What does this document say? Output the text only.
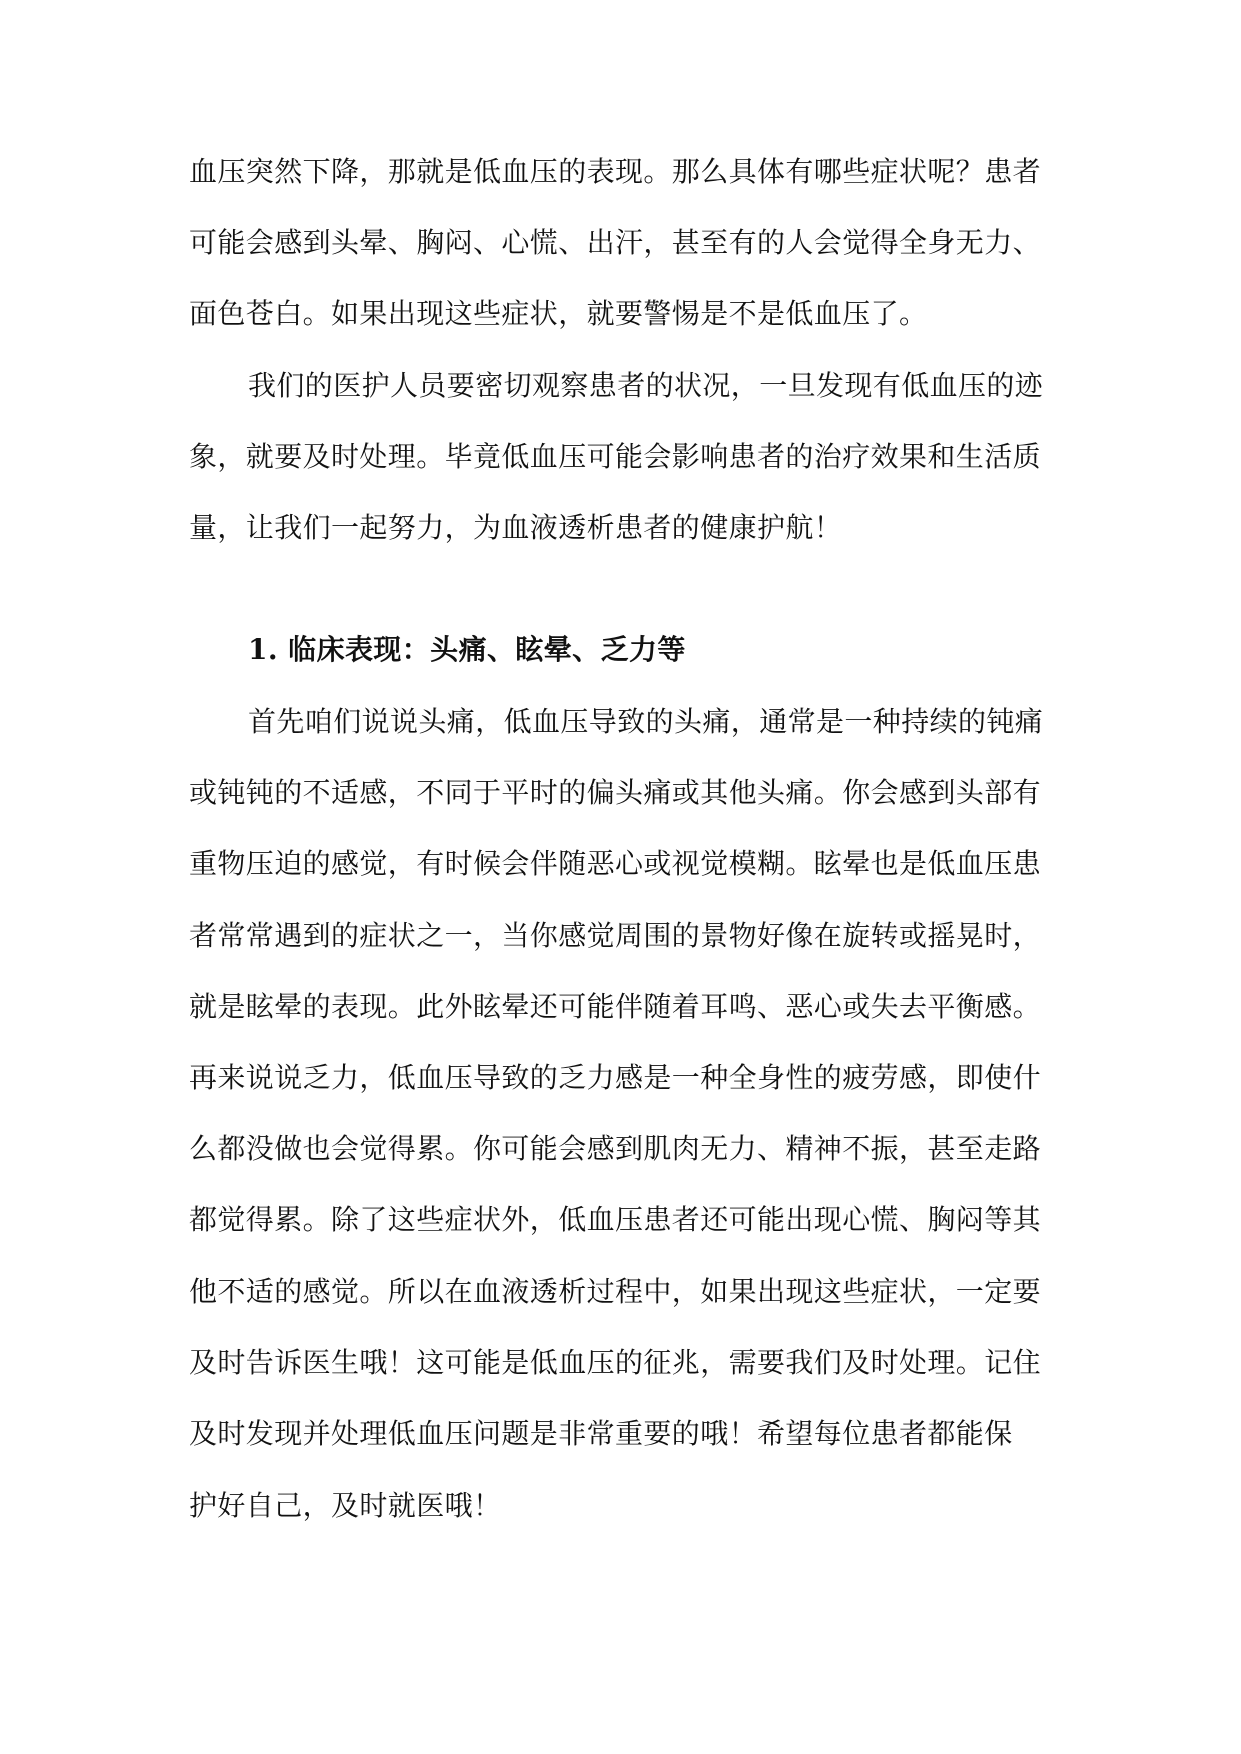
血压突然下降，那就是低血压的表现。那么具体有哪些症状呢？患者
可能会感到头晕、胸闷、心慌、出汗，甚至有的人会觉得全身无力、
面色苍白。如果出现这些症状，就要警惕是不是低血压了。
我们的医护人员要密切观察患者的状况，一旦发现有低血压的迹
象，就要及时处理。毕竟低血压可能会影响患者的治疗效果和生活质
量，让我们一起努力，为血液透析患者的健康护航！
1. 临床表现：头痛、眩晕、乏力等
首先咱们说说头痛，低血压导致的头痛，通常是一种持续的钝痛
或钝钝的不适感，不同于平时的偏头痛或其他头痛。你会感到头部有
重物压迫的感觉，有时候会伴随恶心或视觉模糊。眩晕也是低血压患
者常常遇到的症状之一，当你感觉周围的景物好像在旋转或摇晃时，
就是眩晕的表现。此外眩晕还可能伴随着耳鸣、恶心或失去平衡感。
再来说说乏力，低血压导致的乏力感是一种全身性的疲劳感，即使什
么都没做也会觉得累。你可能会感到肌肉无力、精神不振，甚至走路
都觉得累。除了这些症状外，低血压患者还可能出现心慌、胸闷等其
他不适的感觉。所以在血液透析过程中，如果出现这些症状，一定要
及时告诉医生哦！这可能是低血压的征兆，需要我们及时处理。记住
及时发现并处理低血压问题是非常重要的哦！希望每位患者都能保
护好自己，及时就医哦！
